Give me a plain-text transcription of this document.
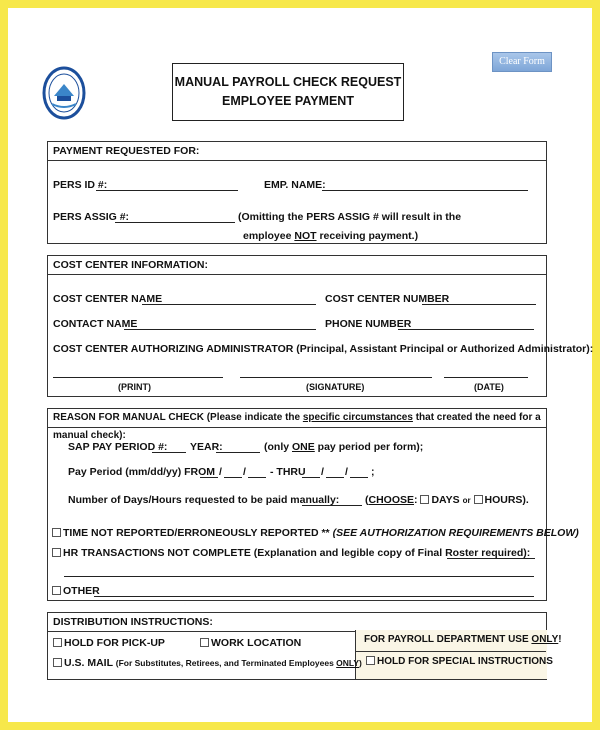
MANUAL PAYROLL CHECK REQUEST
EMPLOYEE PAYMENT
Clear Form
PAYMENT REQUESTED FOR:
PERS ID #:	EMP. NAME:
PERS ASSIG #:	(Omitting the PERS ASSIG # will result in the
employee NOT receiving payment.)
COST CENTER INFORMATION:
COST CENTER NAME	COST CENTER NUMBER
CONTACT NAME	PHONE NUMBER
COST CENTER AUTHORIZING ADMINISTRATOR (Principal, Assistant Principal or Authorized Administrator):
(PRINT)	(SIGNATURE)	(DATE)
REASON FOR MANUAL CHECK (Please indicate the specific circumstances that created the need for a manual check):
SAP PAY PERIOD #: YEAR:	(only ONE pay period per form);
Pay Period (mm/dd/yy) FROM / / - THRU / / ;
Number of Days/Hours requested to be paid manually: (CHOOSE: DAYS or HOURS).
TIME NOT REPORTED/ERRONEOUSLY REPORTED ** (SEE AUTHORIZATION REQUIREMENTS BELOW)
HR TRANSACTIONS NOT COMPLETE (Explanation and legible copy of Final Roster required):
OTHER
DISTRIBUTION INSTRUCTIONS:
HOLD FOR PICK-UP	WORK LOCATION
U.S. MAIL (For Substitutes, Retirees, and Terminated Employees ONLY)
FOR PAYROLL DEPARTMENT USE ONLY!
HOLD FOR SPECIAL INSTRUCTIONS
